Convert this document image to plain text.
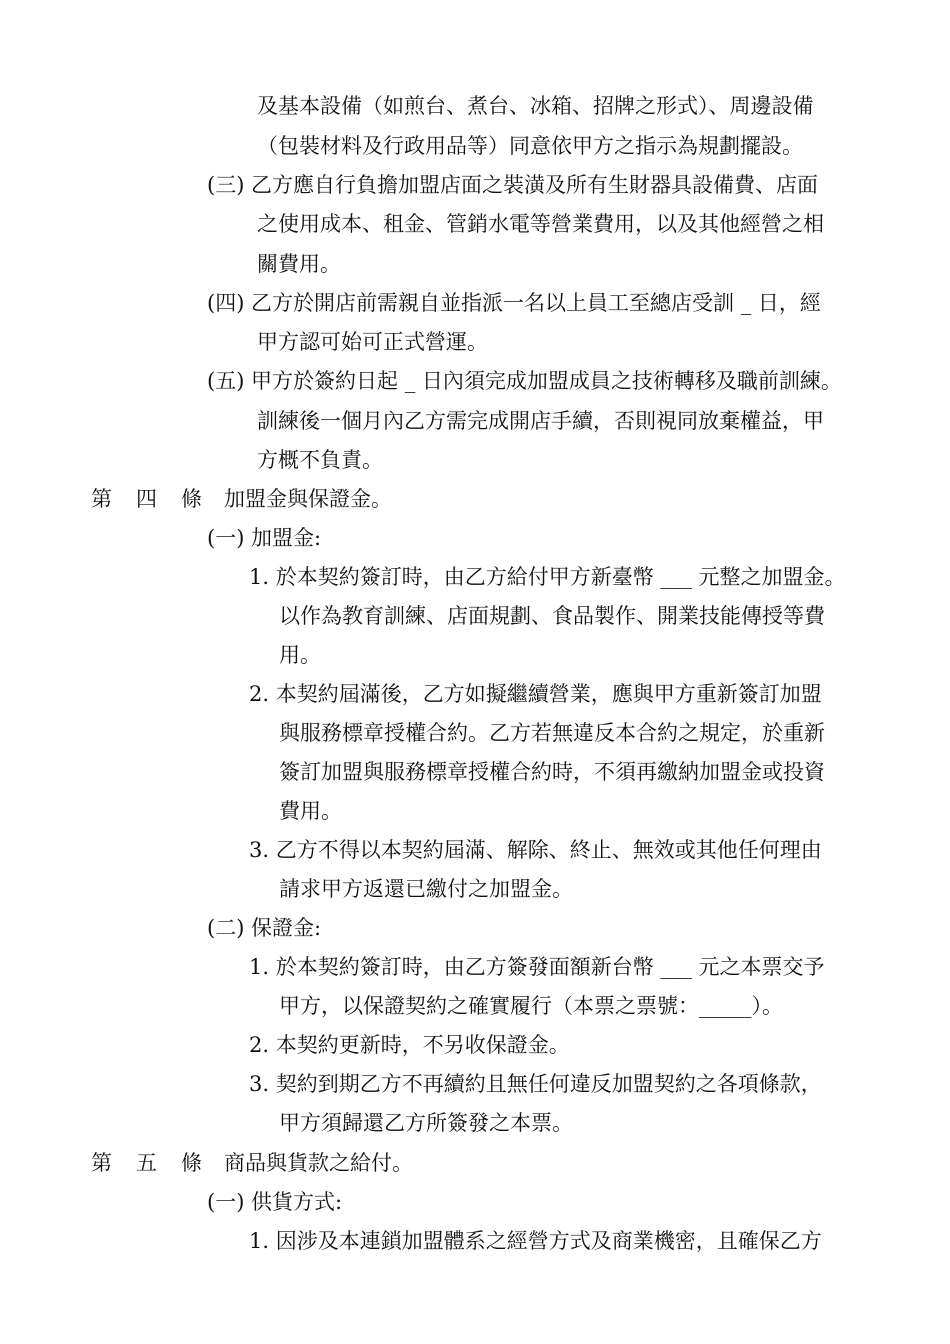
及基本設備（如煎台、煮台、冰箱、招牌之形式）、周邊設備
（包裝材料及行政用品等）同意依甲方之指示為規劃擺設。
(三) 乙方應自行負擔加盟店面之裝潢及所有生財器具設備費、店面
之使用成本、租金、管銷水電等營業費用，以及其他經營之相
關費用。
(四) 乙方於開店前需親自並指派一名以上員工至總店受訓 _ 日，經
甲方認可始可正式營運。
(五) 甲方於簽約日起 _ 日內須完成加盟成員之技術轉移及職前訓練。
訓練後一個月內乙方需完成開店手續，否則視同放棄權益，甲
方概不負責。
第 四 條 加盟金與保證金。
(一) 加盟金:
1. 於本契約簽訂時，由乙方給付甲方新臺幣 ___ 元整之加盟金。
以作為教育訓練、店面規劃、食品製作、開業技能傳授等費
用。
2. 本契約屆滿後，乙方如擬繼續營業，應與甲方重新簽訂加盟
與服務標章授權合約。乙方若無違反本合約之規定，於重新
簽訂加盟與服務標章授權合約時，不須再繳納加盟金或投資
費用。
3. 乙方不得以本契約屆滿、解除、終止、無效或其他任何理由
請求甲方返還已繳付之加盟金。
(二) 保證金:
1. 於本契約簽訂時，由乙方簽發面額新台幣 ___ 元之本票交予
甲方，以保證契約之確實履行（本票之票號：_____）。
2. 本契約更新時，不另收保證金。
3. 契約到期乙方不再續約且無任何違反加盟契約之各項條款，
甲方須歸還乙方所簽發之本票。
第 五 條 商品與貨款之給付。
(一) 供貨方式:
1. 因涉及本連鎖加盟體系之經營方式及商業機密，且確保乙方
